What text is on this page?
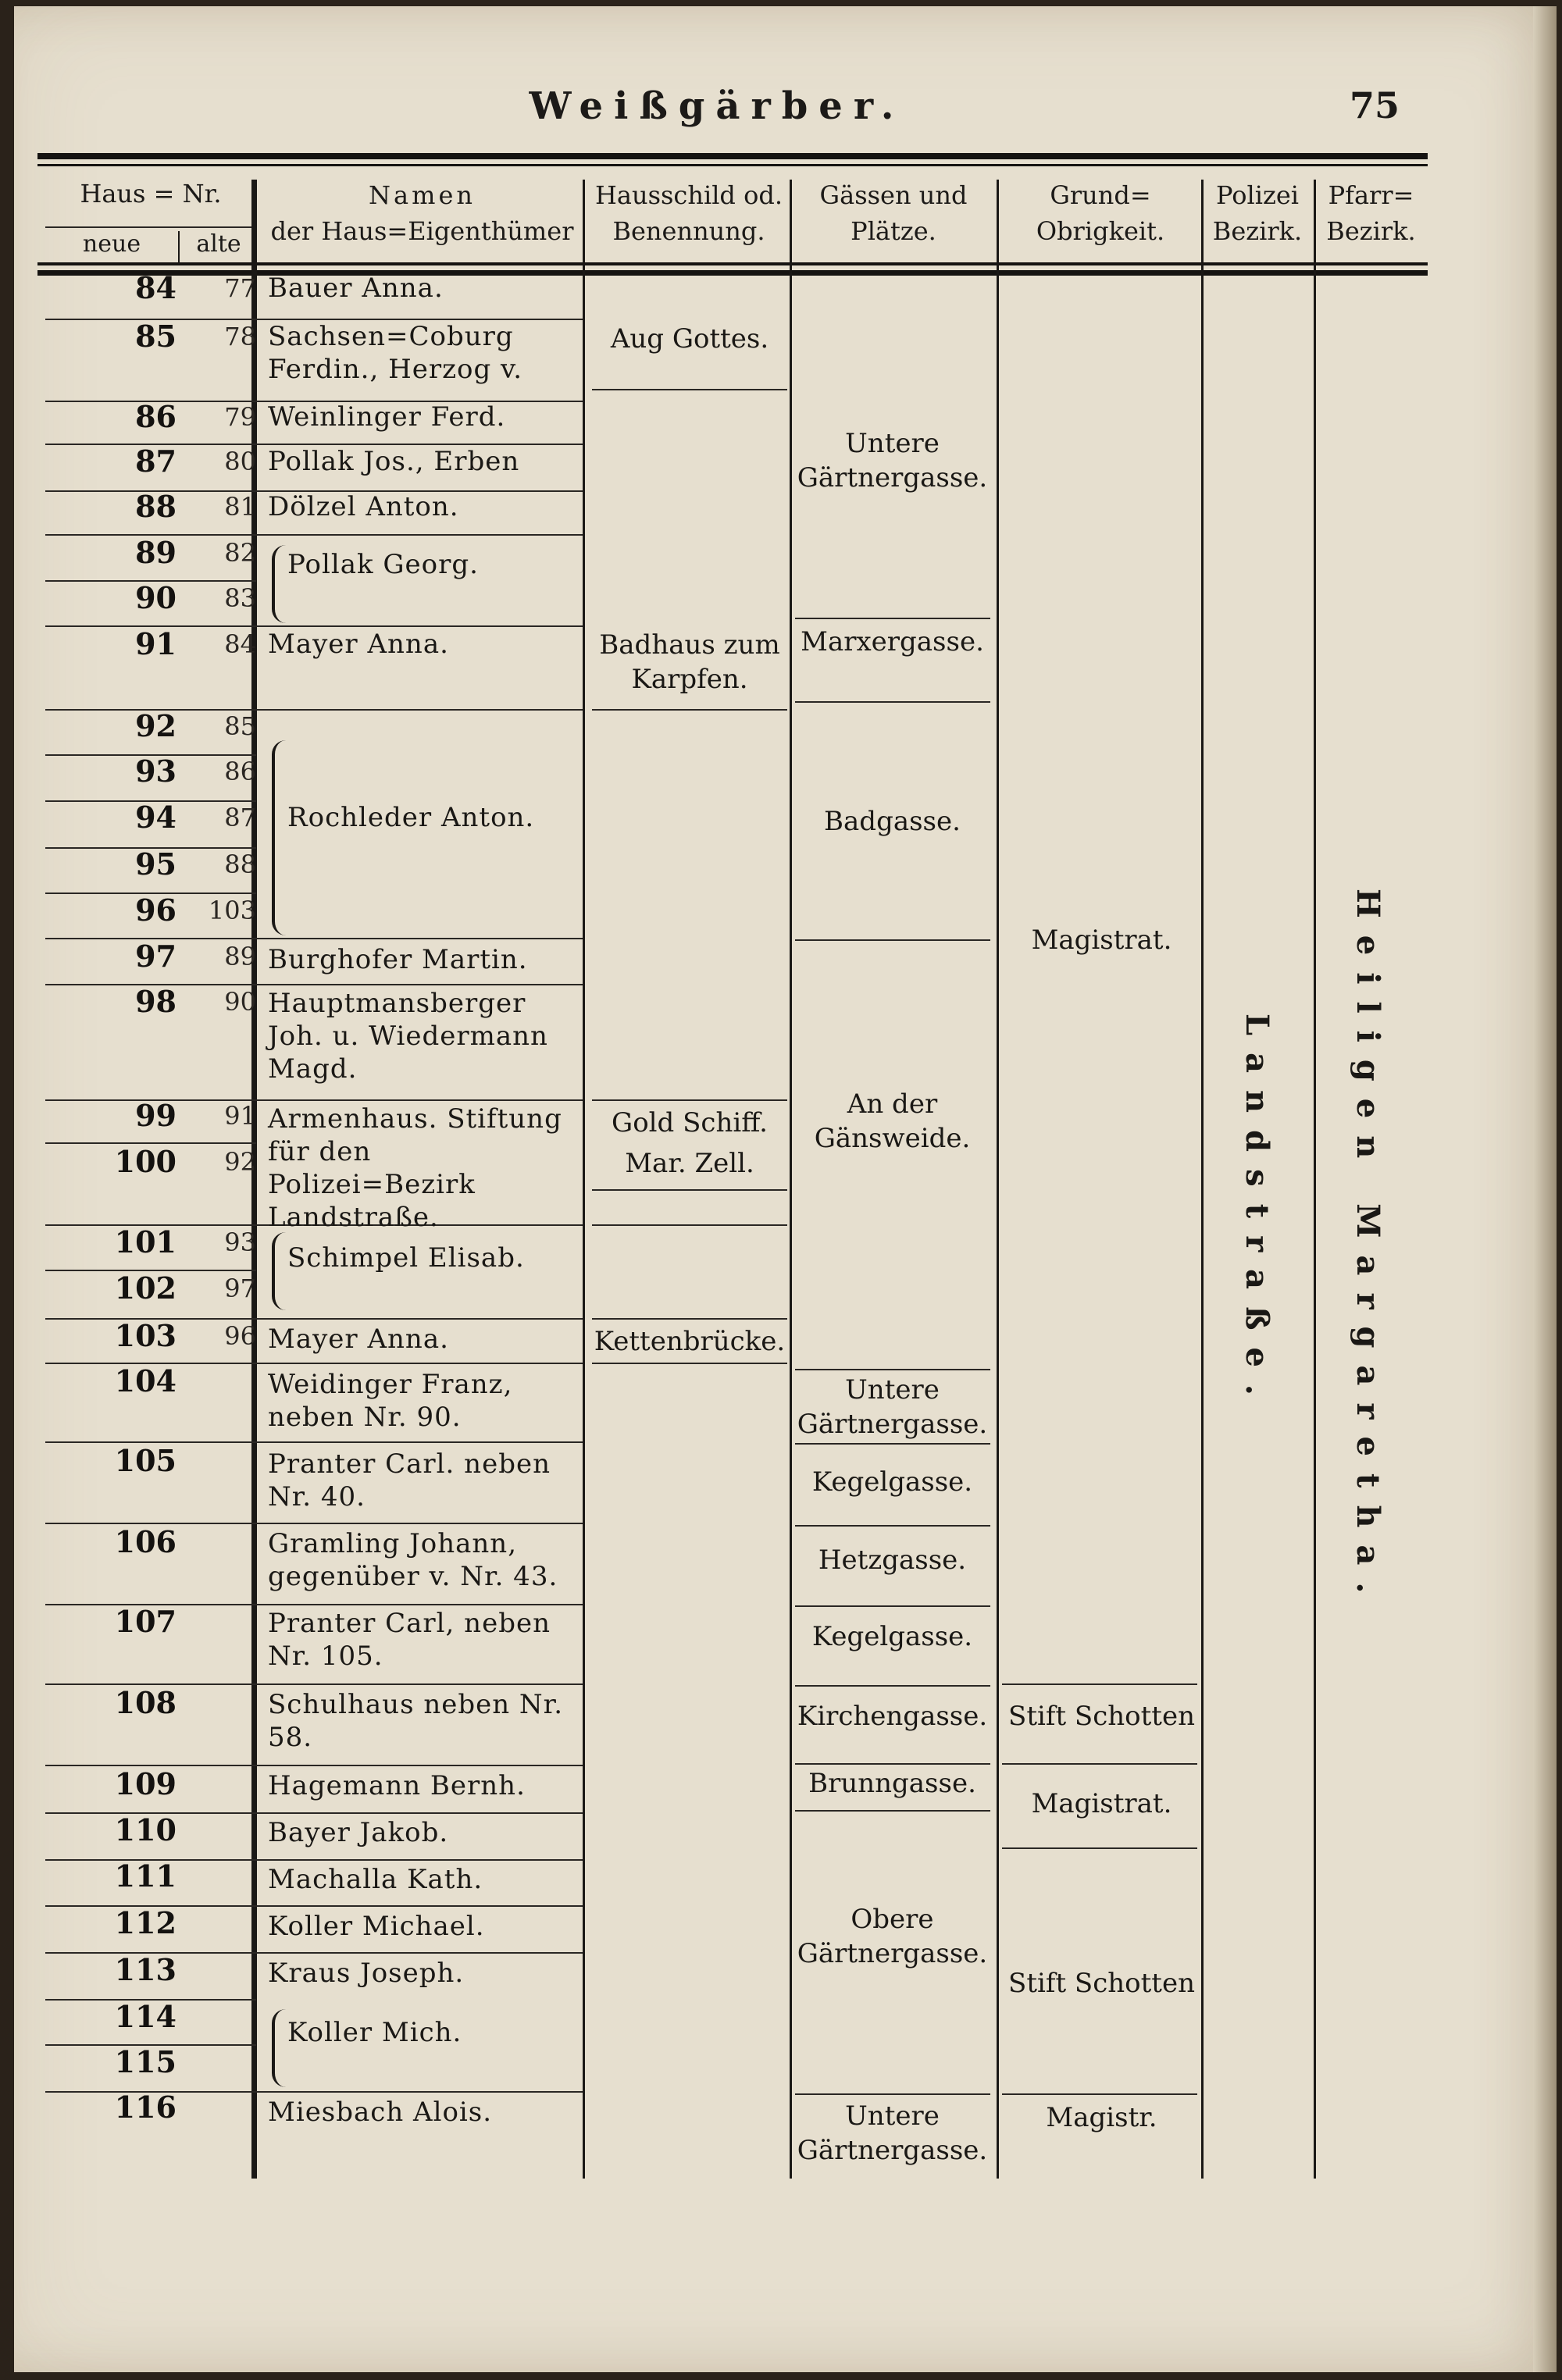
Weißgärber.	75
Haus = Nr.
neue	alte
Namen
der Haus=Eigenthümer
Hausschild od.
Benennung.
Gässen und
Plätze.
Grund=
Obrigkeit.
Polizei
Bezirk.
Pfarr=
Bezirk.
84
85
86
87
88
89
90
91
92
93
94
95
96
97
98
99
100
101
102
103
104
105
106
107
108
109
110
111
112
113
114
115
116
77
78
79
80
81
82
83
84
85
86
87
88
103
89
90
91
92
93
97
96
Bauer Anna.
Sachsen=Coburg Ferdin., Herzog v.
Weinlinger Ferd.
Pollak Jos., Erben
Dölzel Anton.
Pollak Georg.
Mayer Anna.
Rochleder Anton.
Burghofer Martin.
Hauptmansberger Joh. u. Wiedermann Magd.
Armenhaus. Stiftung für den Polizei=Bezirk Landstraße.
Schimpel Elisab.
Mayer Anna.
Weidinger Franz, neben Nr. 90.
Pranter Carl. neben Nr. 40.
Gramling Johann, gegenüber v. Nr. 43.
Pranter Carl, neben Nr. 105.
Schulhaus neben Nr. 58.
Hagemann Bernh.
Bayer Jakob.
Machalla Kath.
Koller Michael.
Kraus Joseph.
Koller Mich.
Miesbach Alois.
Aug Gottes.
Badhaus zum Karpfen.
Gold Schiff.
Mar. Zell.
Kettenbrücke.
Untere Gärtnergasse.
Marxergasse.
Badgasse.
An der Gänsweide.
Untere Gärtnergasse.
Kegelgasse.
Hetzgasse.
Kegelgasse.
Kirchengasse.
Brunngasse.
Obere Gärtnergasse.
Untere Gärtnergasse.
Magistrat.
Stift Schotten
Magistrat.
Stift Schotten
Magistr.
Landstraße. Heiligen Margaretha.
